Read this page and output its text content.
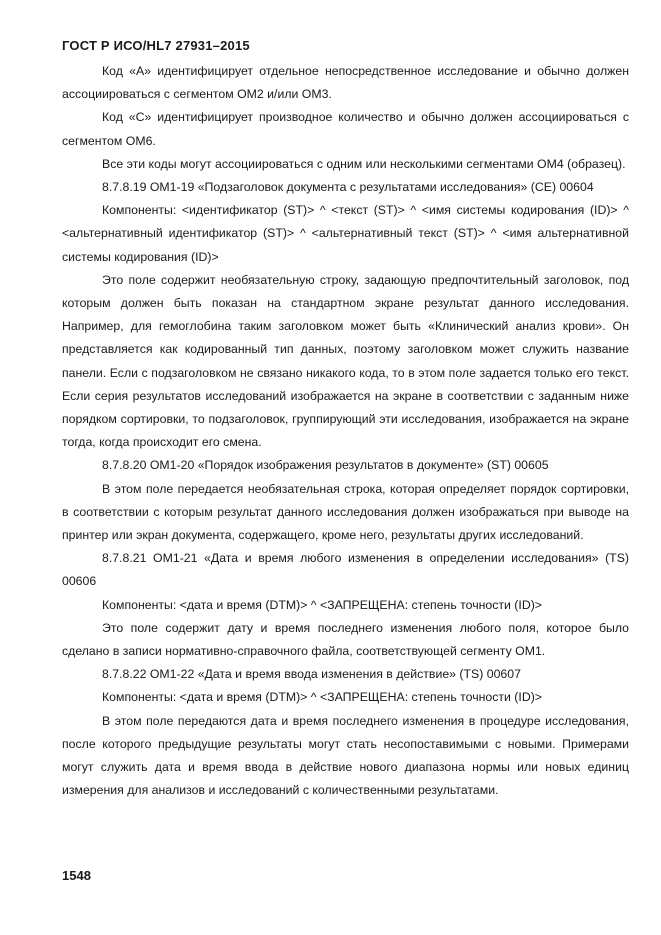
ГОСТ Р ИСО/HL7 27931–2015

Код «А» идентифицирует отдельное непосредственное исследование и обычно должен ассоциироваться с сегментом ОМ2 и/или ОМ3.

Код «С» идентифицирует производное количество и обычно должен ассоциироваться с сегментом ОМ6.

Все эти коды могут ассоциироваться с одним или несколькими сегментами ОМ4 (образец).

8.7.8.19 OM1-19 «Подзаголовок документа с результатами исследования» (CE) 00604

Компоненты: <идентификатор (ST)> ^ <текст (ST)> ^ <имя системы кодирования (ID)> ^ <альтернативный идентификатор (ST)> ^ <альтернативный текст (ST)> ^ <имя альтернативной системы кодирования (ID)>

Это поле содержит необязательную строку, задающую предпочтительный заголовок, под которым должен быть показан на стандартном экране результат данного исследования. Например, для гемоглобина таким заголовком может быть «Клинический анализ крови». Он представляется как кодированный тип данных, поэтому заголовком может служить название панели. Если с подзаголовком не связано никакого кода, то в этом поле задается только его текст. Если серия результатов исследований изображается на экране в соответствии с заданным ниже порядком сортировки, то подзаголовок, группирующий эти исследования, изображается на экране тогда, когда происходит его смена.

8.7.8.20 OM1-20 «Порядок изображения результатов в документе» (ST) 00605

В этом поле передается необязательная строка, которая определяет порядок сортировки, в соответствии с которым результат данного исследования должен изображаться при выводе на принтер или экран документа, содержащего, кроме него, результаты других исследований.

8.7.8.21 OM1-21 «Дата и время любого изменения в определении исследования» (TS) 00606

Компоненты: <дата и время (DTM)> ^ <ЗАПРЕЩЕНА: степень точности (ID)>

Это поле содержит дату и время последнего изменения любого поля, которое было сделано в записи нормативно-справочного файла, соответствующей сегменту OM1.

8.7.8.22 OM1-22 «Дата и время ввода изменения в действие» (TS) 00607

Компоненты: <дата и время (DTM)> ^ <ЗАПРЕЩЕНА: степень точности (ID)>

В этом поле передаются дата и время последнего изменения в процедуре исследования, после которого предыдущие результаты могут стать несопоставимыми с новыми. Примерами могут служить дата и время ввода в действие нового диапазона нормы или новых единиц измерения для анализов и исследований с количественными результатами.

1548
